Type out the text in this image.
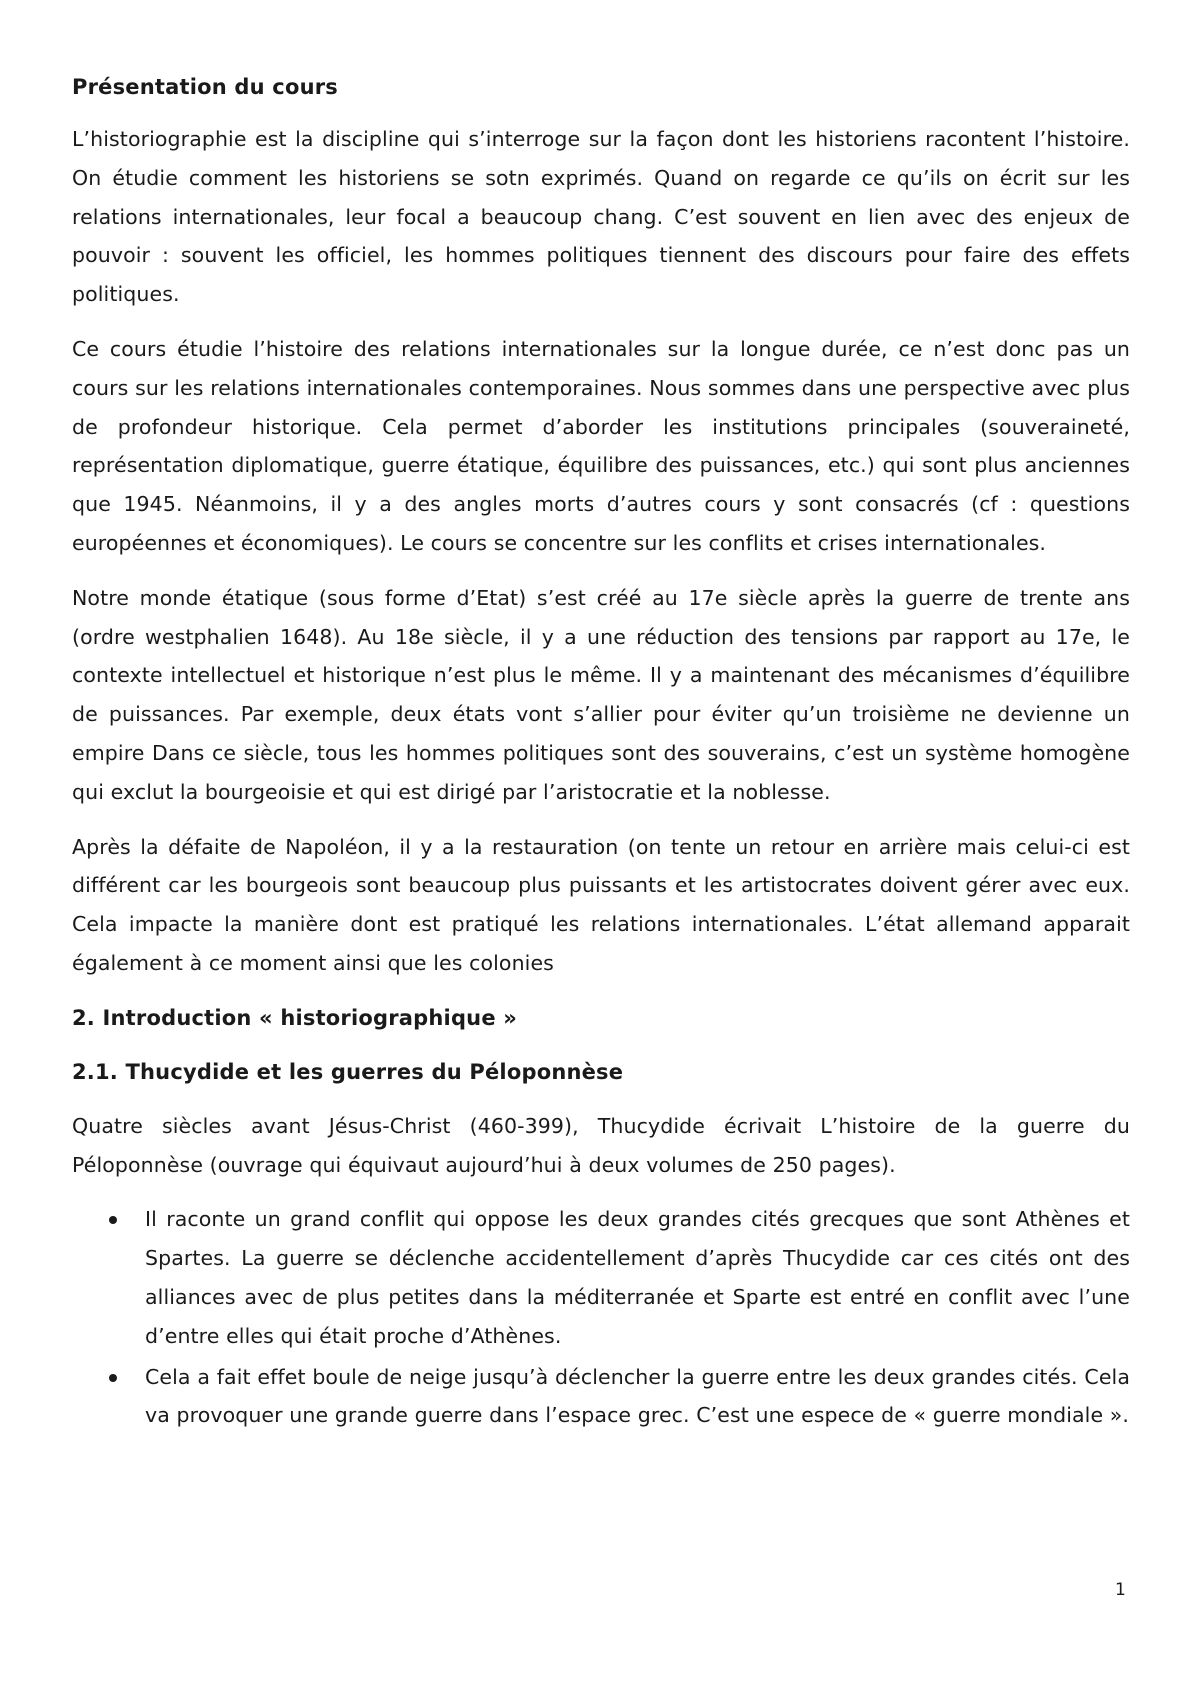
Présentation du cours

L’historiographie est la discipline qui s’interroge sur la façon dont les historiens racontent l’histoire. On étudie comment les historiens se sotn exprimés. Quand on regarde ce qu’ils on écrit sur les relations internationales, leur focal a beaucoup chang. C’est souvent en lien avec des enjeux de pouvoir : souvent les officiel, les hommes politiques tiennent des discours pour faire des effets politiques.

Ce cours étudie l’histoire des relations internationales sur la longue durée, ce n’est donc pas un cours sur les relations internationales contemporaines. Nous sommes dans une perspective avec plus de profondeur historique. Cela permet d’aborder les institutions principales (souveraineté, représentation diplomatique, guerre étatique, équilibre des puissances, etc.) qui sont plus anciennes que 1945. Néanmoins, il y a des angles morts d’autres cours y sont consacrés (cf : questions européennes et économiques). Le cours se concentre sur les conflits et crises internationales.

Notre monde étatique (sous forme d’Etat) s’est créé au 17e siècle après la guerre de trente ans (ordre westphalien 1648). Au 18e siècle, il y a une réduction des tensions par rapport au 17e, le contexte intellectuel et historique n’est plus le même. Il y a maintenant des mécanismes d’équilibre de puissances. Par exemple, deux états vont s’allier pour éviter qu’un troisième ne devienne un empire Dans ce siècle, tous les hommes politiques sont des souverains, c’est un système homogène qui exclut la bourgeoisie et qui est dirigé par l’aristocratie et la noblesse.

Après la défaite de Napoléon, il y a la restauration (on tente un retour en arrière mais celui-ci est différent car les bourgeois sont beaucoup plus puissants et les artistocrates doivent gérer avec eux. Cela impacte la manière dont est pratiqué les relations internationales. L’état allemand apparait également à ce moment ainsi que les colonies

2. Introduction « historiographique »
2.1. Thucydide et les guerres du Péloponnèse

Quatre siècles avant Jésus-Christ (460-399), Thucydide écrivait L’histoire de la guerre du Péloponnèse (ouvrage qui équivaut aujourd’hui à deux volumes de 250 pages).

Il raconte un grand conflit qui oppose les deux grandes cités grecques que sont Athènes et Spartes. La guerre se déclenche accidentellement d’après Thucydide car ces cités ont des alliances avec de plus petites dans la méditerranée et Sparte est entré en conflit avec l’une d’entre elles qui était proche d’Athènes.
Cela a fait effet boule de neige jusqu’à déclencher la guerre entre les deux grandes cités. Cela va provoquer une grande guerre dans l’espace grec. C’est une espece de « guerre mondiale ».
1
